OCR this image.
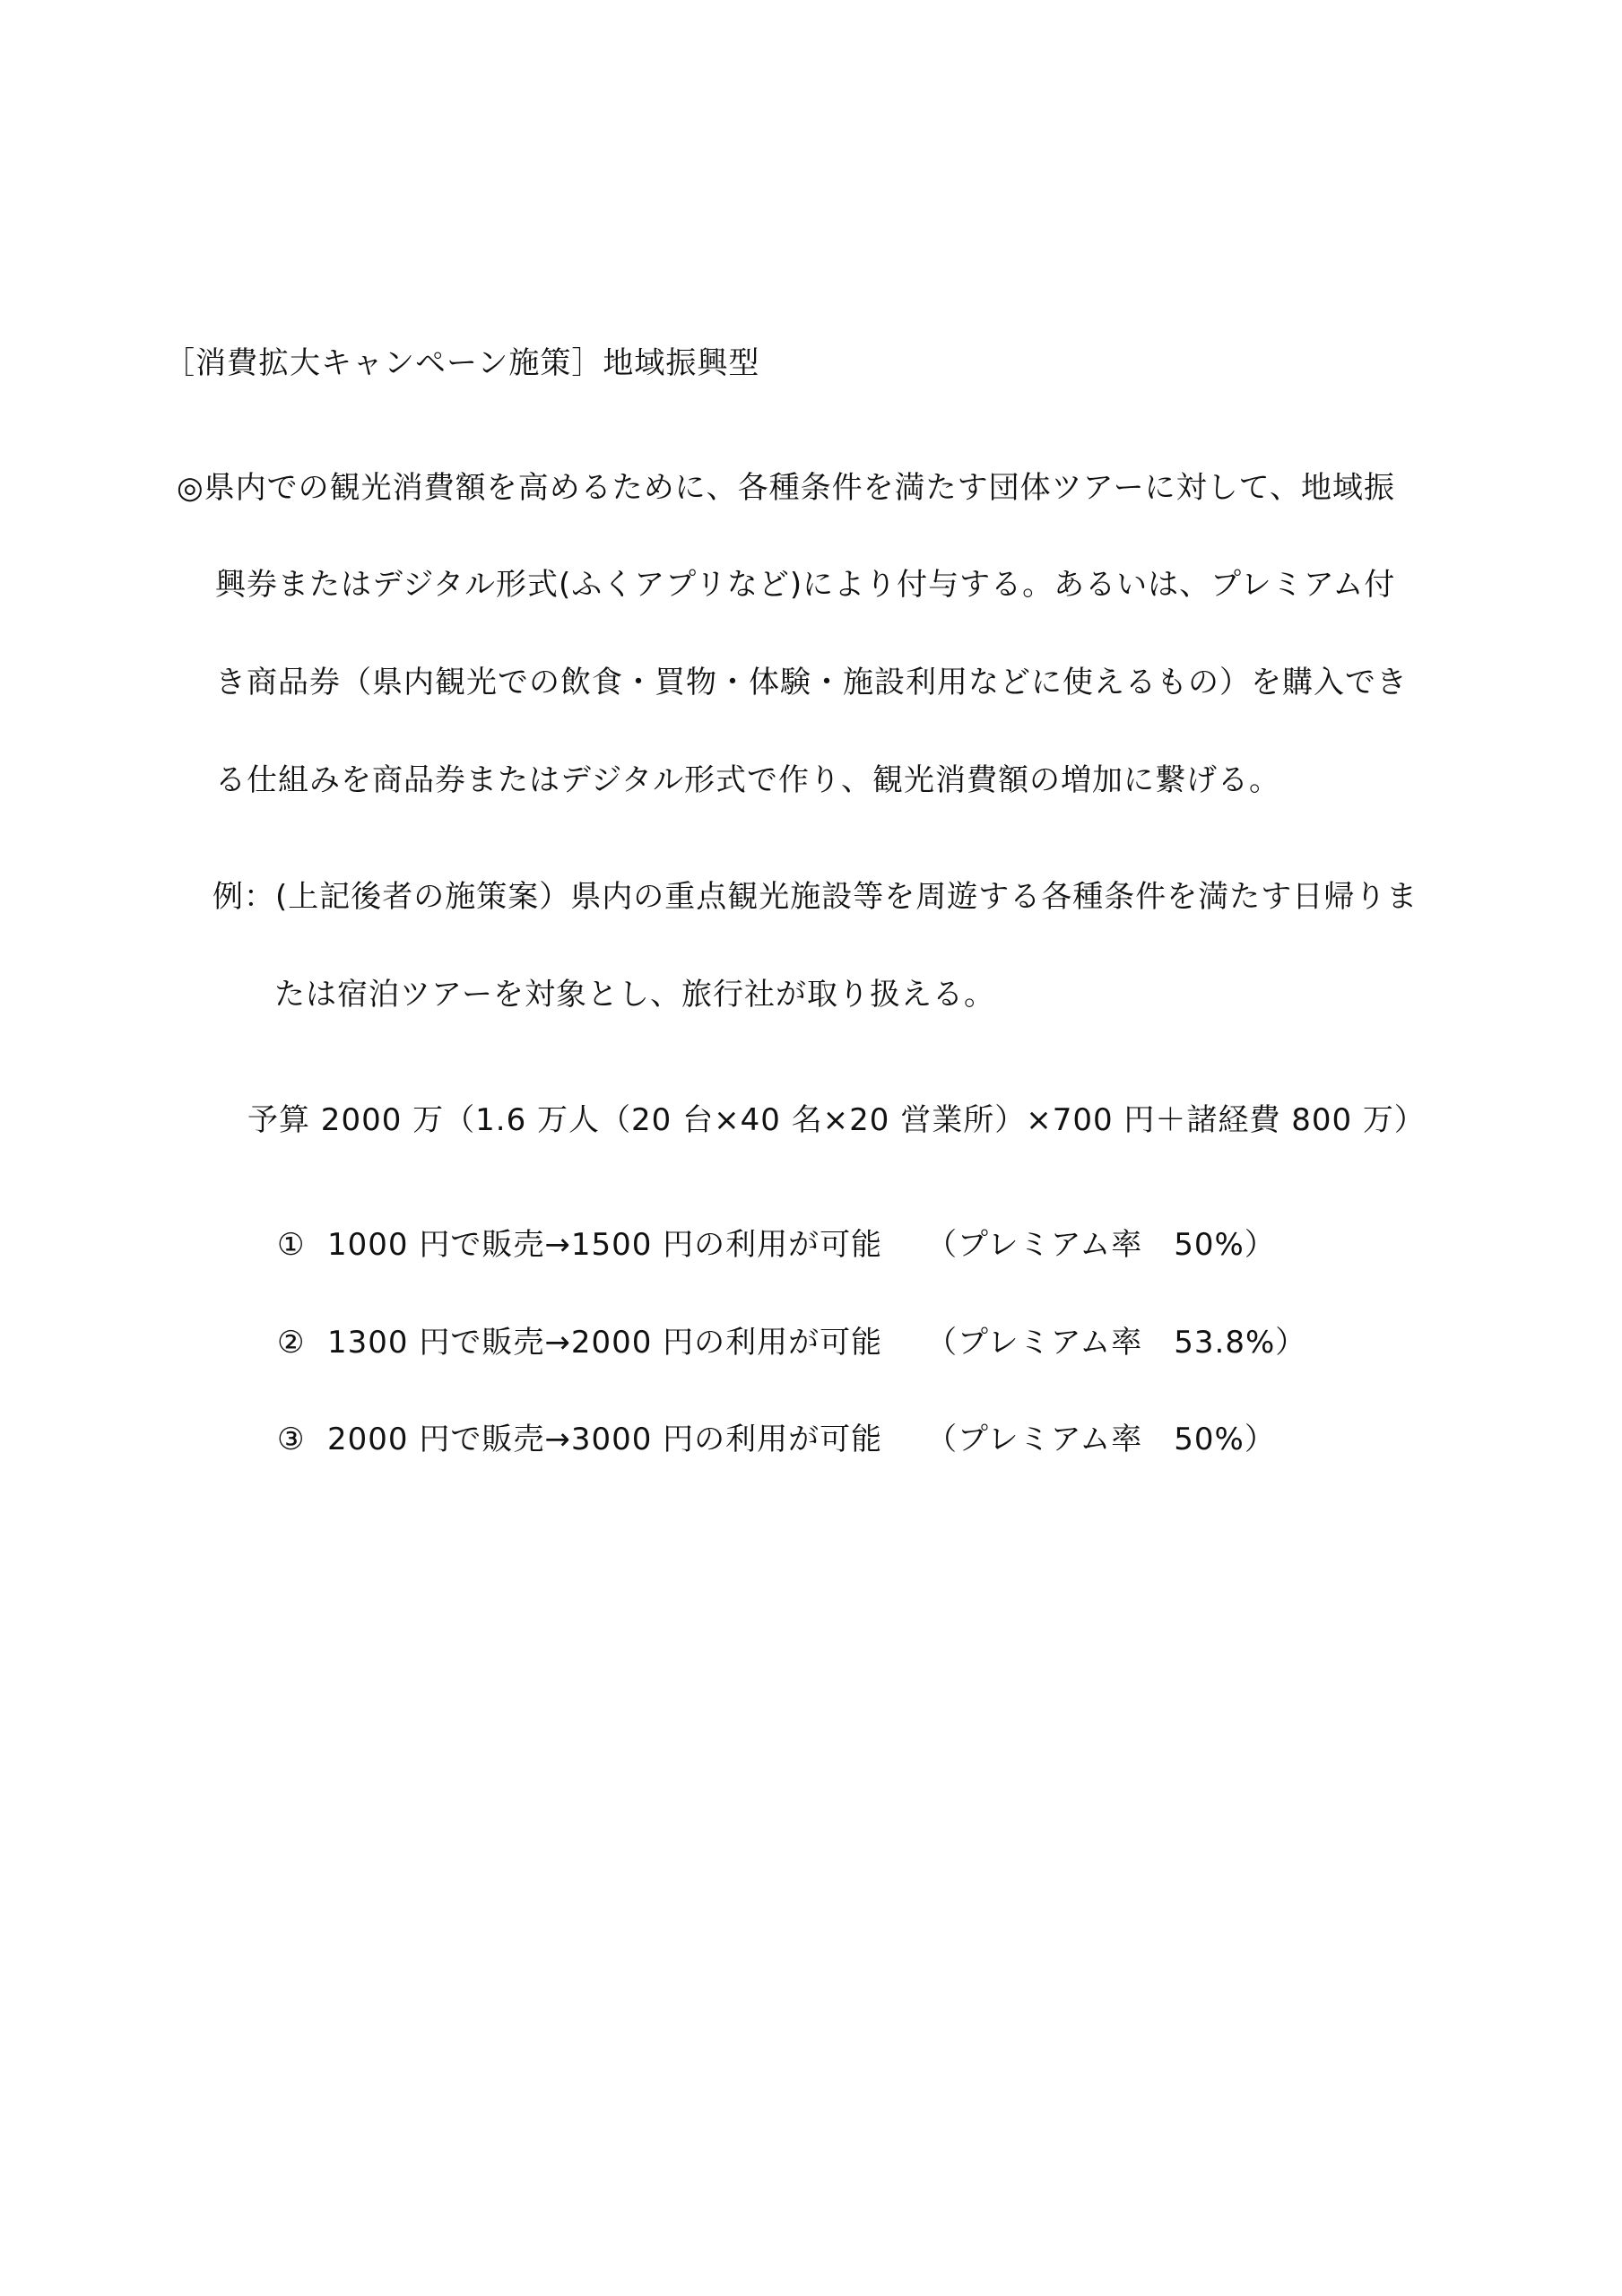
［消費拡大キャンペーン施策］地域振興型
◎県内での観光消費額を高めるために、各種条件を満たす団体ツアーに対して、地域振
興券またはデジタル形式(ふくアプリなど)により付与する。あるいは、プレミアム付
き商品券（県内観光での飲食・買物・体験・施設利用などに使えるもの）を購入でき
る仕組みを商品券またはデジタル形式で作り、観光消費額の増加に繋げる。
例：(上記後者の施策案）県内の重点観光施設等を周遊する各種条件を満たす日帰りま
たは宿泊ツアーを対象とし、旅行社が取り扱える。
予算 2000 万（1.6 万人（20 台×40 名×20 営業所）×700 円＋諸経費 800 万）
① 1000 円で販売→1500 円の利用が可能 （プレミアム率　50%）
② 1300 円で販売→2000 円の利用が可能 （プレミアム率　53.8%）
③ 2000 円で販売→3000 円の利用が可能 （プレミアム率　50%）
